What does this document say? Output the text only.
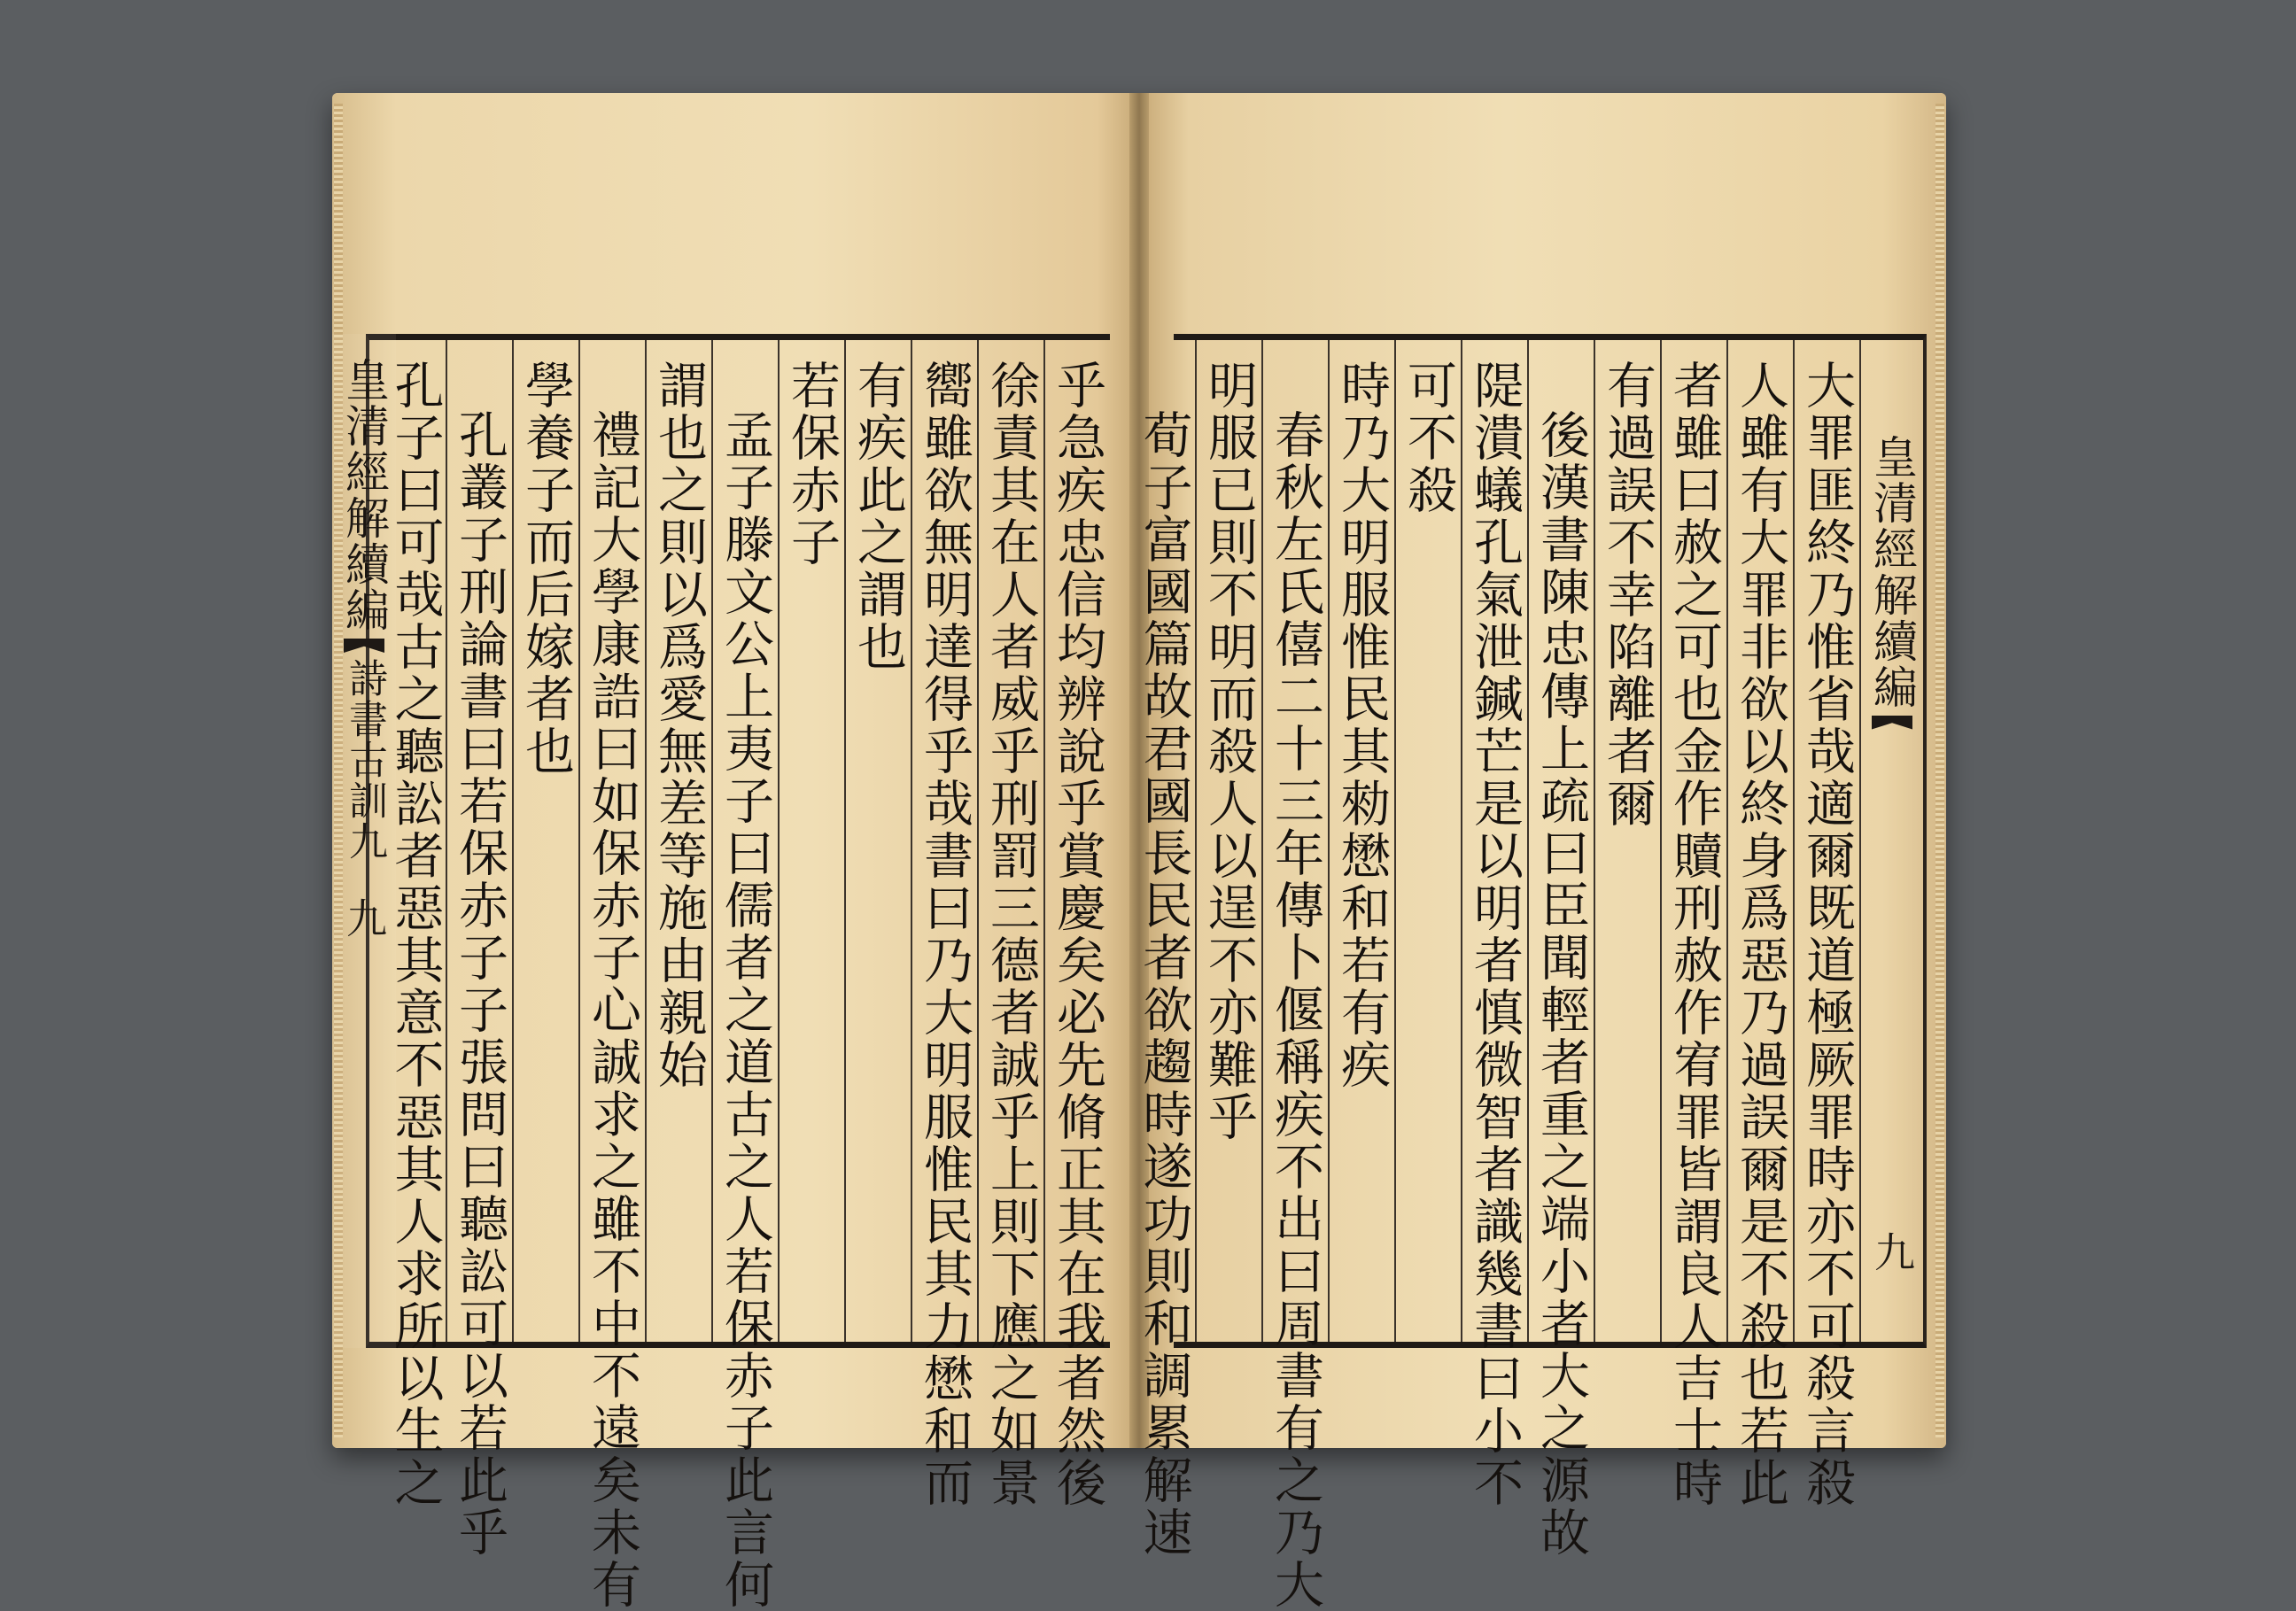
乎急疾忠信均辨說乎賞慶矣必先脩正其在我者然後
徐責其在人者威乎刑罰三德者誠乎上則下應之如景
嚮雖欲無明達得乎哉書曰乃大明服惟民其力懋和而
有疾此之謂也
若保赤子
孟子滕文公上夷子曰儒者之道古之人若保赤子此言何
謂也之則以爲愛無差等施由親始
禮記大學康誥曰如保赤子心誠求之雖不中不遠矣未有
學養子而后嫁者也
孔叢子刑論書曰若保赤子子張問曰聽訟可以若此乎
孔子曰可哉古之聽訟者惡其意不惡其人求所以生之
皇清經解續編
詩書古訓九
九
皇清經解續編
九
大罪匪終乃惟省哉適爾既道極厥罪時亦不可殺言殺
人雖有大罪非欲以終身爲惡乃過誤爾是不殺也若此
者雖曰赦之可也金作贖刑赦作宥罪皆謂良人吉士時
有過誤不幸陷離者爾
後漢書陳忠傳上疏曰臣聞輕者重之端小者大之源故
隄潰蟻孔氣泄鍼芒是以明者慎微智者識幾書曰小不
可不殺
時乃大明服惟民其勑懋和若有疾
春秋左氏僖二十三年傳卜偃稱疾不出曰周書有之乃大
明服已則不明而殺人以逞不亦難乎
荀子富國篇故君國長民者欲趨時遂功則和調累解速
